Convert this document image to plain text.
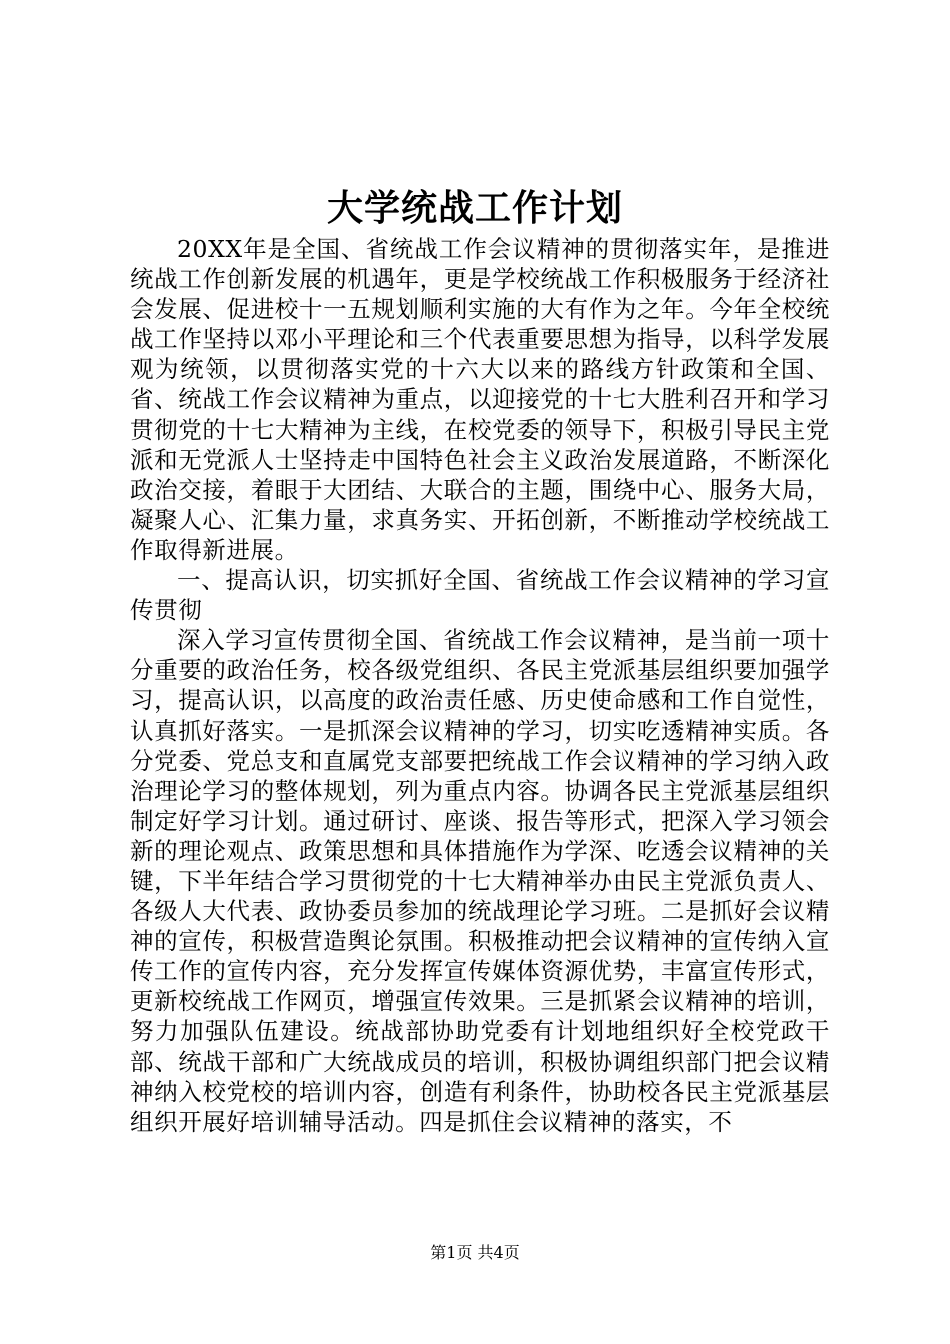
大学统战工作计划

20XX年是全国、省统战工作会议精神的贯彻落实年，是推进统战工作创新发展的机遇年，更是学校统战工作积极服务于经济社会发展、促进校十一五规划顺利实施的大有作为之年。今年全校统战工作坚持以邓小平理论和三个代表重要思想为指导，以科学发展观为统领，以贯彻落实党的十六大以来的路线方针政策和全国、省、统战工作会议精神为重点，以迎接党的十七大胜利召开和学习贯彻党的十七大精神为主线，在校党委的领导下，积极引导民主党派和无党派人士坚持走中国特色社会主义政治发展道路，不断深化政治交接，着眼于大团结、大联合的主题，围绕中心、服务大局，凝聚人心、汇集力量，求真务实、开拓创新，不断推动学校统战工作取得新进展。

一、提高认识，切实抓好全国、省统战工作会议精神的学习宣传贯彻

深入学习宣传贯彻全国、省统战工作会议精神，是当前一项十分重要的政治任务，校各级党组织、各民主党派基层组织要加强学习，提高认识，以高度的政治责任感、历史使命感和工作自觉性，认真抓好落实。一是抓深会议精神的学习，切实吃透精神实质。各分党委、党总支和直属党支部要把统战工作会议精神的学习纳入政治理论学习的整体规划，列为重点内容。协调各民主党派基层组织制定好学习计划。通过研讨、座谈、报告等形式，把深入学习领会新的理论观点、政策思想和具体措施作为学深、吃透会议精神的关键，下半年结合学习贯彻党的十七大精神举办由民主党派负责人、各级人大代表、政协委员参加的统战理论学习班。二是抓好会议精神的宣传，积极营造舆论氛围。积极推动把会议精神的宣传纳入宣传工作的宣传内容，充分发挥宣传媒体资源优势，丰富宣传形式，更新校统战工作网页，增强宣传效果。三是抓紧会议精神的培训，努力加强队伍建设。统战部协助党委有计划地组织好全校党政干部、统战干部和广大统战成员的培训，积极协调组织部门把会议精神纳入校党校的培训内容，创造有利条件，协助校各民主党派基层组织开展好培训辅导活动。四是抓住会议精神的落实，不

第1页 共4页
